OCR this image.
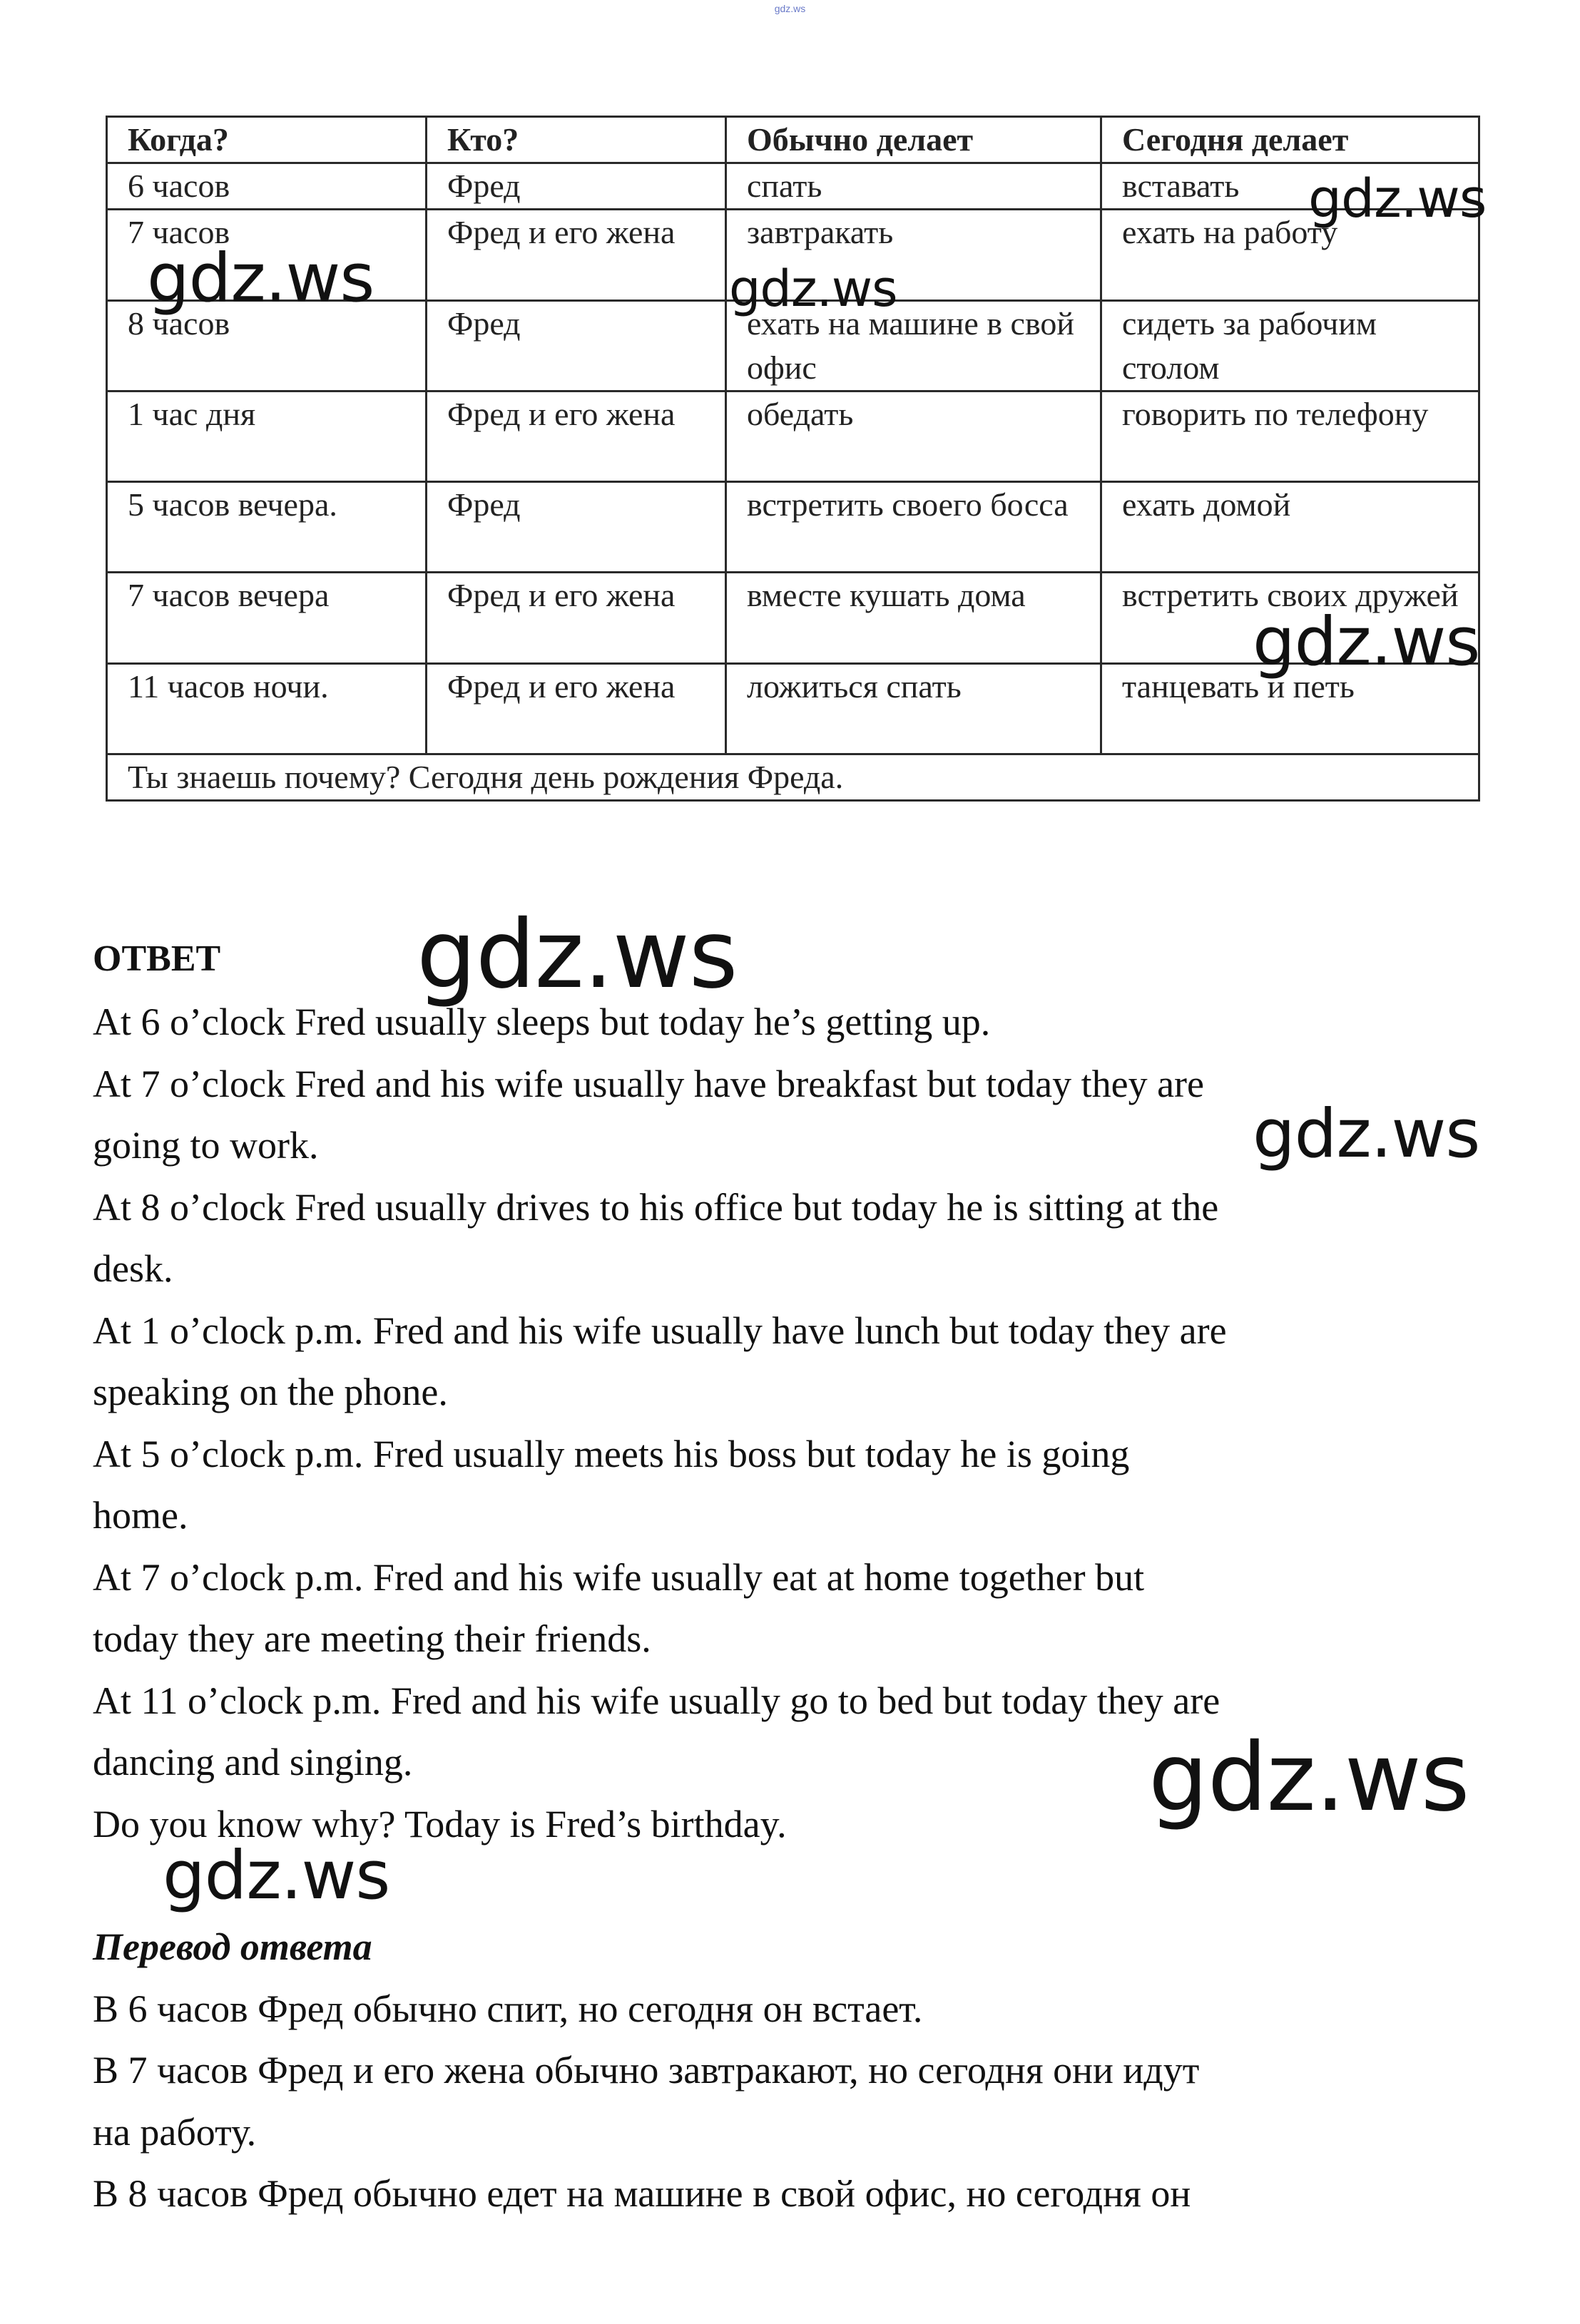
gdz.ws
Когда?	Кто?	Обычно делает	Сегодня делает
6 часов	Фред	спать	вставать
7 часов	Фред и его жена	завтракать	ехать на работу
8 часов	Фред	ехать на машине в свой офис	сидеть за рабочим столом
1 час дня	Фред и его жена	обедать	говорить по телефону
5 часов вечера.	Фред	встретить своего босса	ехать домой
7 часов вечера	Фред и его жена	вместе кушать дома	встретить своих дружей
11 часов ночи.	Фред и его жена	ложиться спать	танцевать и петь
Ты знаешь почему? Сегодня день рождения Фреда.			
ОТВЕТ

At 6 o’clock Fred usually sleeps but today he’s getting up.

At 7 o’clock Fred and his wife usually have breakfast but today they are

going to work.

At 8 o’clock Fred usually drives to his office but today he is sitting at the

desk.

At 1 o’clock p.m. Fred and his wife usually have lunch but today they are

speaking on the phone.

At 5 o’clock p.m. Fred usually meets his boss but today he is going

home.

At 7 o’clock p.m. Fred and his wife usually eat at home together but

today they are meeting their friends.

At 11 o’clock p.m. Fred and his wife usually go to bed but today they are

dancing and singing.

Do you know why? Today is Fred’s birthday.

Перевод ответа

В 6 часов Фред обычно спит, но сегодня он встает.

В 7 часов Фред и его жена обычно завтракают, но сегодня они идут

на работу.

В 8 часов Фред обычно едет на машине в свой офис, но сегодня он

gdz.ws
gdz.ws	gdz.ws
gdz.ws
gdz.ws
gdz.ws
gdz.ws
gdz.ws
